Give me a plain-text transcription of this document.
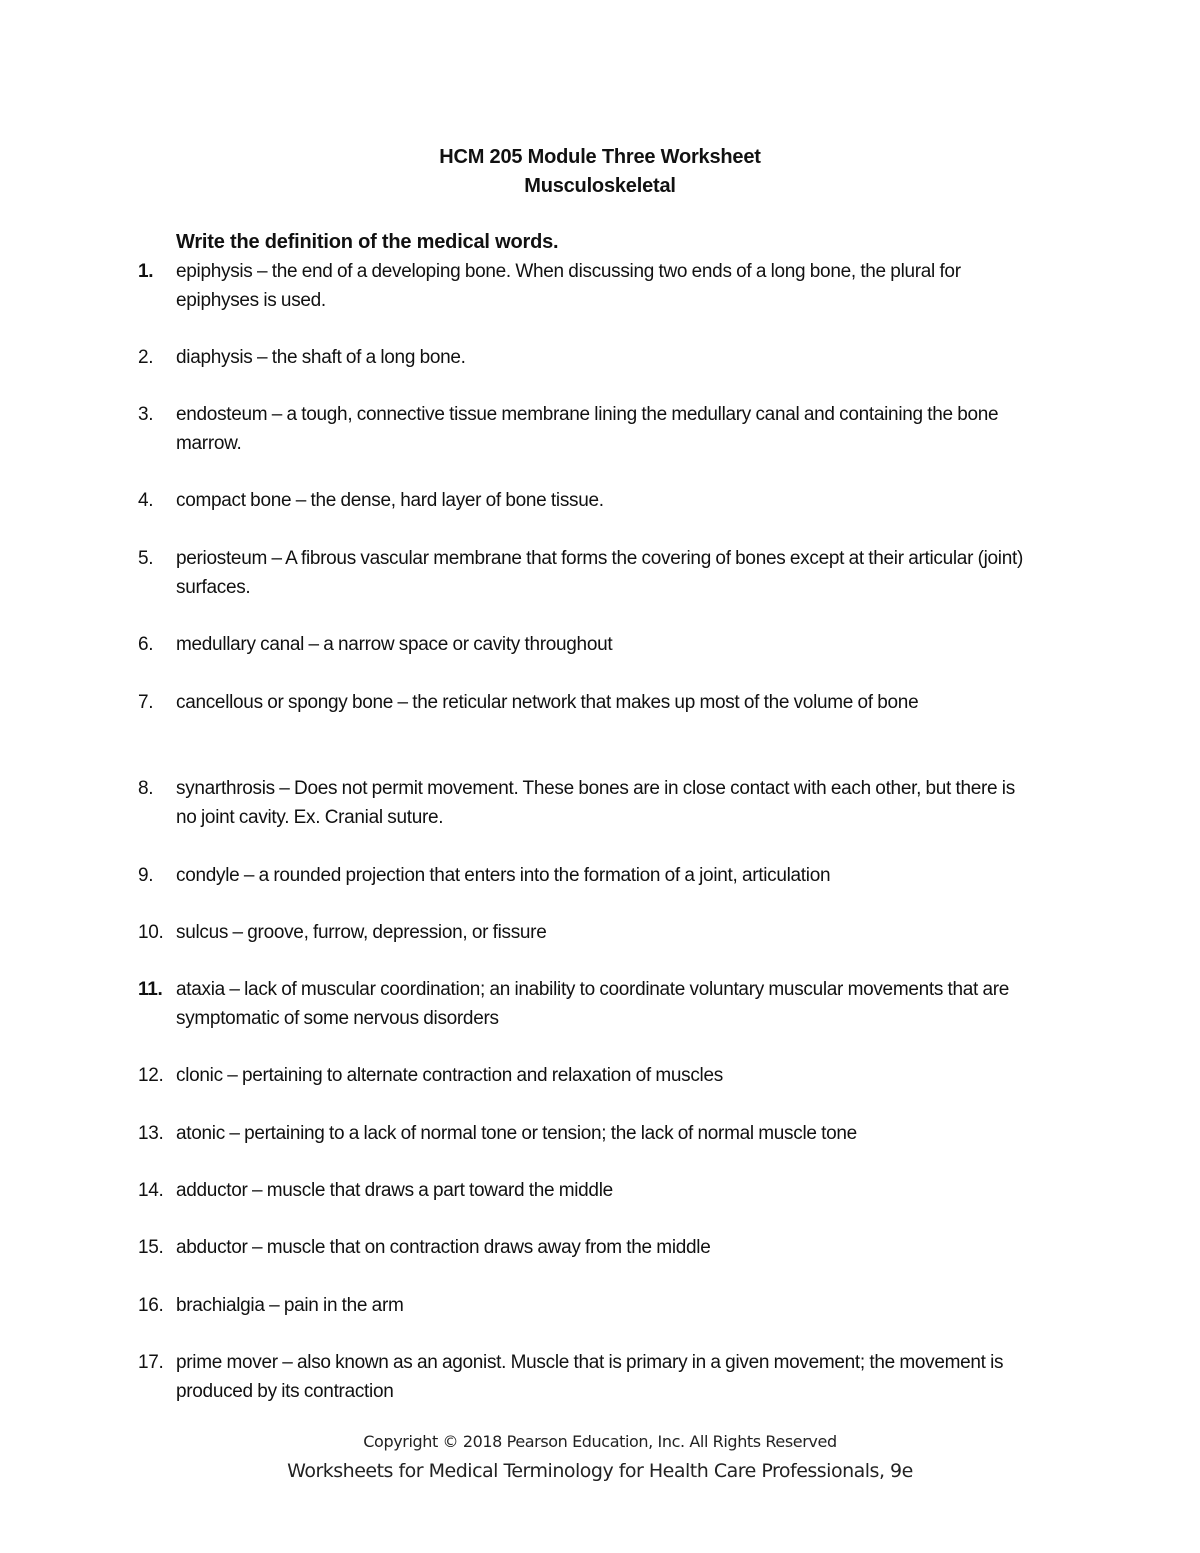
HCM 205 Module Three Worksheet
Musculoskeletal
Write the definition of the medical words.
1.	epiphysis – the end of a developing bone. When discussing two ends of a long bone, the plural for epiphyses is used.
2.	diaphysis – the shaft of a long bone.
3.	endosteum – a tough, connective tissue membrane lining the medullary canal and containing the bone marrow.
4.	compact bone – the dense, hard layer of bone tissue.
5.	periosteum – A fibrous vascular membrane that forms the covering of bones except at their articular (joint) surfaces.
6.	medullary canal – a narrow space or cavity throughout
7.	cancellous or spongy bone – the reticular network that makes up most of the volume of bone
8.	synarthrosis – Does not permit movement. These bones are in close contact with each other, but there is no joint cavity. Ex. Cranial suture.
9.	condyle – a rounded projection that enters into the formation of a joint, articulation
10. sulcus – groove, furrow, depression, or fissure
11. ataxia – lack of muscular coordination; an inability to coordinate voluntary muscular movements that are symptomatic of some nervous disorders
12. clonic – pertaining to alternate contraction and relaxation of muscles
13. atonic – pertaining to a lack of normal tone or tension; the lack of normal muscle tone
14. adductor – muscle that draws a part toward the middle
15. abductor – muscle that on contraction draws away from the middle
16. brachialgia – pain in the arm
17. prime mover – also known as an agonist. Muscle that is primary in a given movement; the movement is produced by its contraction
Copyright © 2018 Pearson Education, Inc. All Rights Reserved
Worksheets for Medical Terminology for Health Care Professionals, 9e
